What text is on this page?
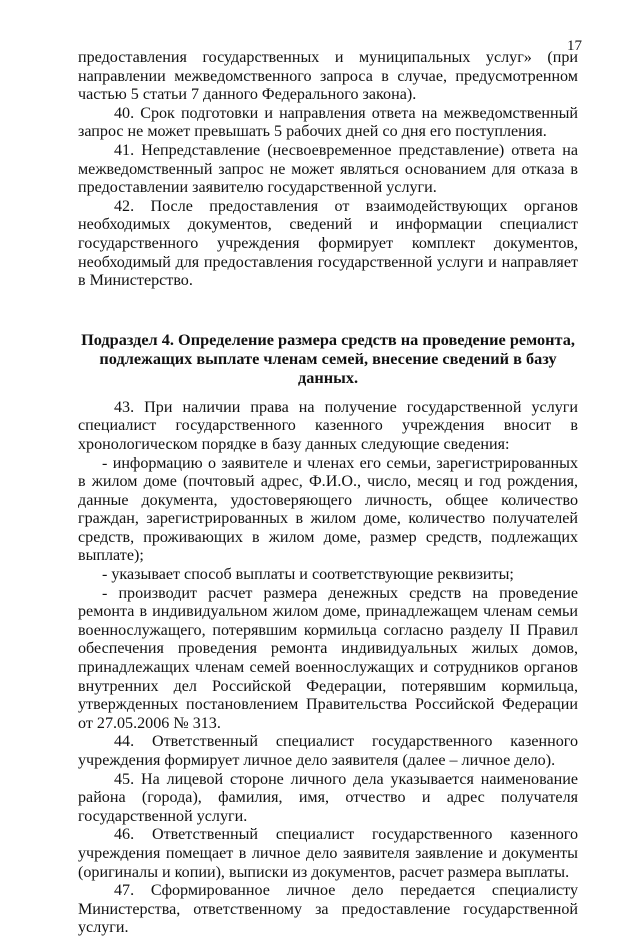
17

предоставления государственных и муниципальных услуг» (при направлении межведомственного запроса в случае, предусмотренном частью 5 статьи 7 данного Федерального закона).

40. Срок подготовки и направления ответа на межведомственный запрос не может превышать 5 рабочих дней со дня его поступления.

41. Непредставление (несвоевременное представление) ответа на межведомственный запрос не может являться основанием для отказа в предоставлении заявителю государственной услуги.

42. После предоставления от взаимодействующих органов необходимых документов, сведений и информации специалист государственного учреждения формирует комплект документов, необходимый для предоставления государственной услуги и направляет в Министерство.

Подраздел 4. Определение размера средств на проведение ремонта, подлежащих выплате членам семей, внесение сведений в базу данных.

43. При наличии права на получение государственной услуги специалист государственного казенного учреждения вносит в хронологическом порядке в базу данных следующие сведения:

- информацию о заявителе и членах его семьи, зарегистрированных в жилом доме (почтовый адрес, Ф.И.О., число, месяц и год рождения, данные документа, удостоверяющего личность, общее количество граждан, зарегистрированных в жилом доме, количество получателей средств, проживающих в жилом доме, размер средств, подлежащих выплате);

- указывает способ выплаты и соответствующие реквизиты;

- производит расчет размера денежных средств на проведение ремонта в индивидуальном жилом доме, принадлежащем членам семьи военнослужащего, потерявшим кормильца согласно разделу II Правил обеспечения проведения ремонта индивидуальных жилых домов, принадлежащих членам семей военнослужащих и сотрудников органов внутренних дел Российской Федерации, потерявшим кормильца, утвержденных постановлением Правительства Российской Федерации от 27.05.2006 № 313.

44. Ответственный специалист государственного казенного учреждения формирует личное дело заявителя (далее – личное дело).

45. На лицевой стороне личного дела указывается наименование района (города), фамилия, имя, отчество и адрес получателя государственной услуги.

46. Ответственный специалист государственного казенного учреждения помещает в личное дело заявителя заявление и документы (оригиналы и копии), выписки из документов, расчет размера выплаты.

47. Сформированное личное дело передается специалисту Министерства, ответственному за предоставление государственной услуги.
